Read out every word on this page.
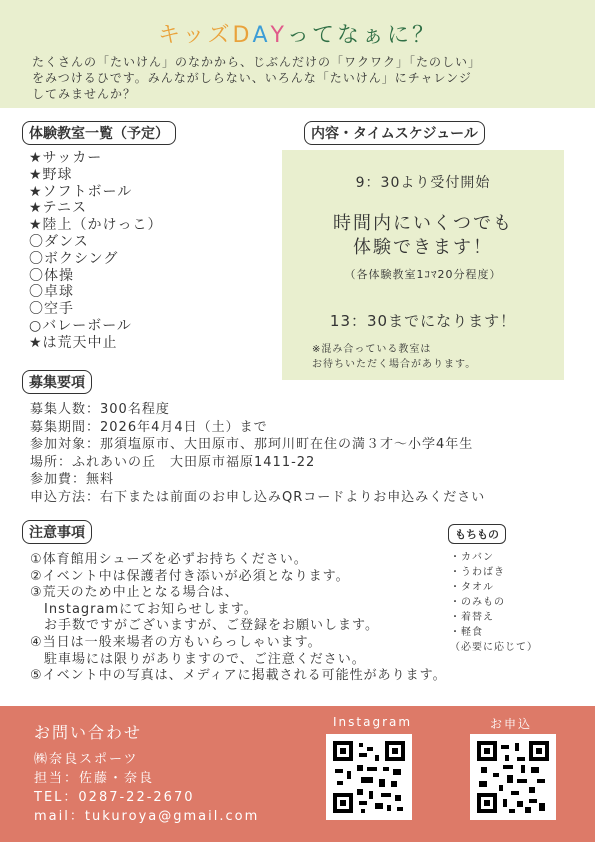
キッズDAYってなぁに？
たくさんの「たいけん」のなかから、じぶんだけの「ワクワク」「たのしい」
をみつけるひです。みんながしらない、いろんな「たいけん」にチャレンジ
してみませんか？
体験教室一覧（予定）
★サッカー
★野球
★ソフトボール
★テニス
★陸上（かけっこ）
〇ダンス
〇ボクシング
〇体操
〇卓球
〇空手
○バレーボール
★は荒天中止
内容・タイムスケジュール
9：30より受付開始
時間内にいくつでも
体験できます！
（各体験教室1ｺﾏ20分程度）
13：30までになります！
※混み合っている教室は
お待ちいただく場合があります。
募集要項
募集人数：300名程度
募集期間：2026年4月4日（土）まで
参加対象：那須塩原市、大田原市、那珂川町在住の満３才～小学4年生
場所：ふれあいの丘　大田原市福原1411-22
参加費：無料
申込方法：右下または前面のお申し込みQRコードよりお申込みください
注意事項
①体育館用シューズを必ずお持ちください。
②イベント中は保護者付き添いが必須となります。
③荒天のため中止となる場合は、
　Instagramにてお知らせします。
　お手数ですがございますが、ご登録をお願いします。
④当日は一般来場者の方もいらっしゃいます。
　駐車場には限りがありますので、ご注意ください。
⑤イベント中の写真は、メディアに掲載される可能性があります。
もちもの
・カバン
・うわばき
・タオル
・のみもの
・着替え
・軽食
（必要に応じて）
お問い合わせ
㈱奈良スポーツ
担当：佐藤・奈良
TEL：0287-22-2670
mail：tukuroya@gmail.com
Instagram	お申込
